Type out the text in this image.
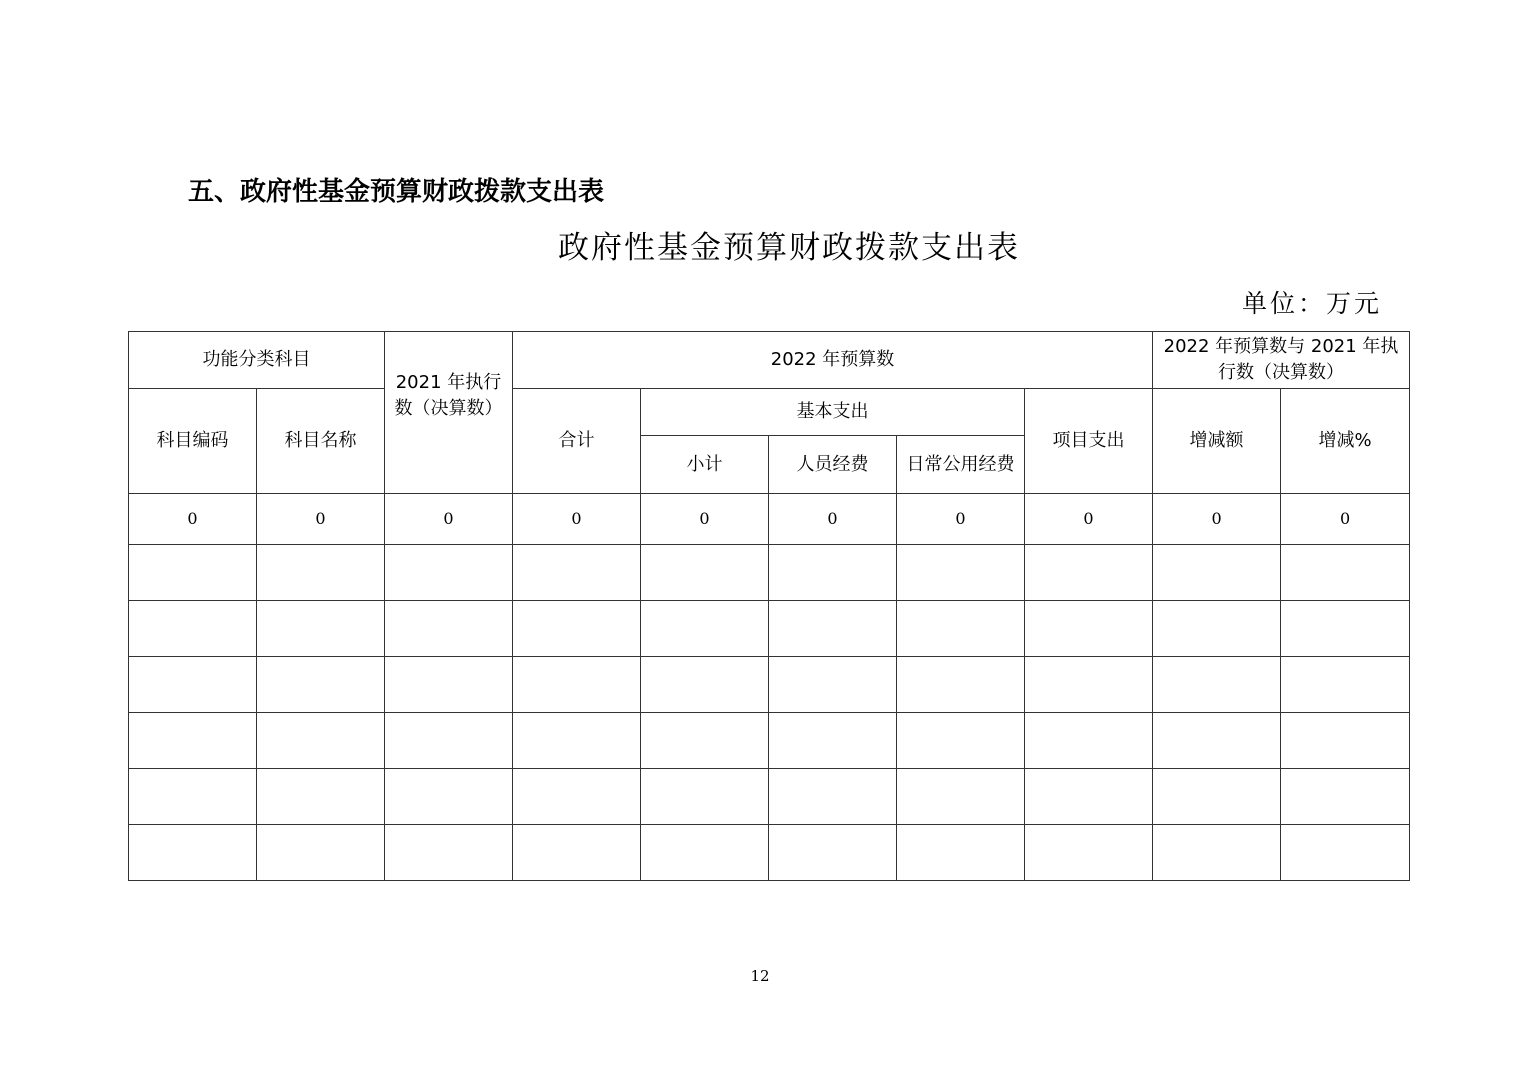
五、政府性基金预算财政拨款支出表
政府性基金预算财政拨款支出表
单位：万元
功能分类科目		2021 年执行数（决算数）	2022 年预算数					2022 年预算数与 2021 年执行数（决算数）	
科目编码	科目名称		合计	基本支出			项目支出	增减额	增减%
				小计	人员经费	日常公用经费			
0	0	0	0	0	0	0	0	0	0

12
